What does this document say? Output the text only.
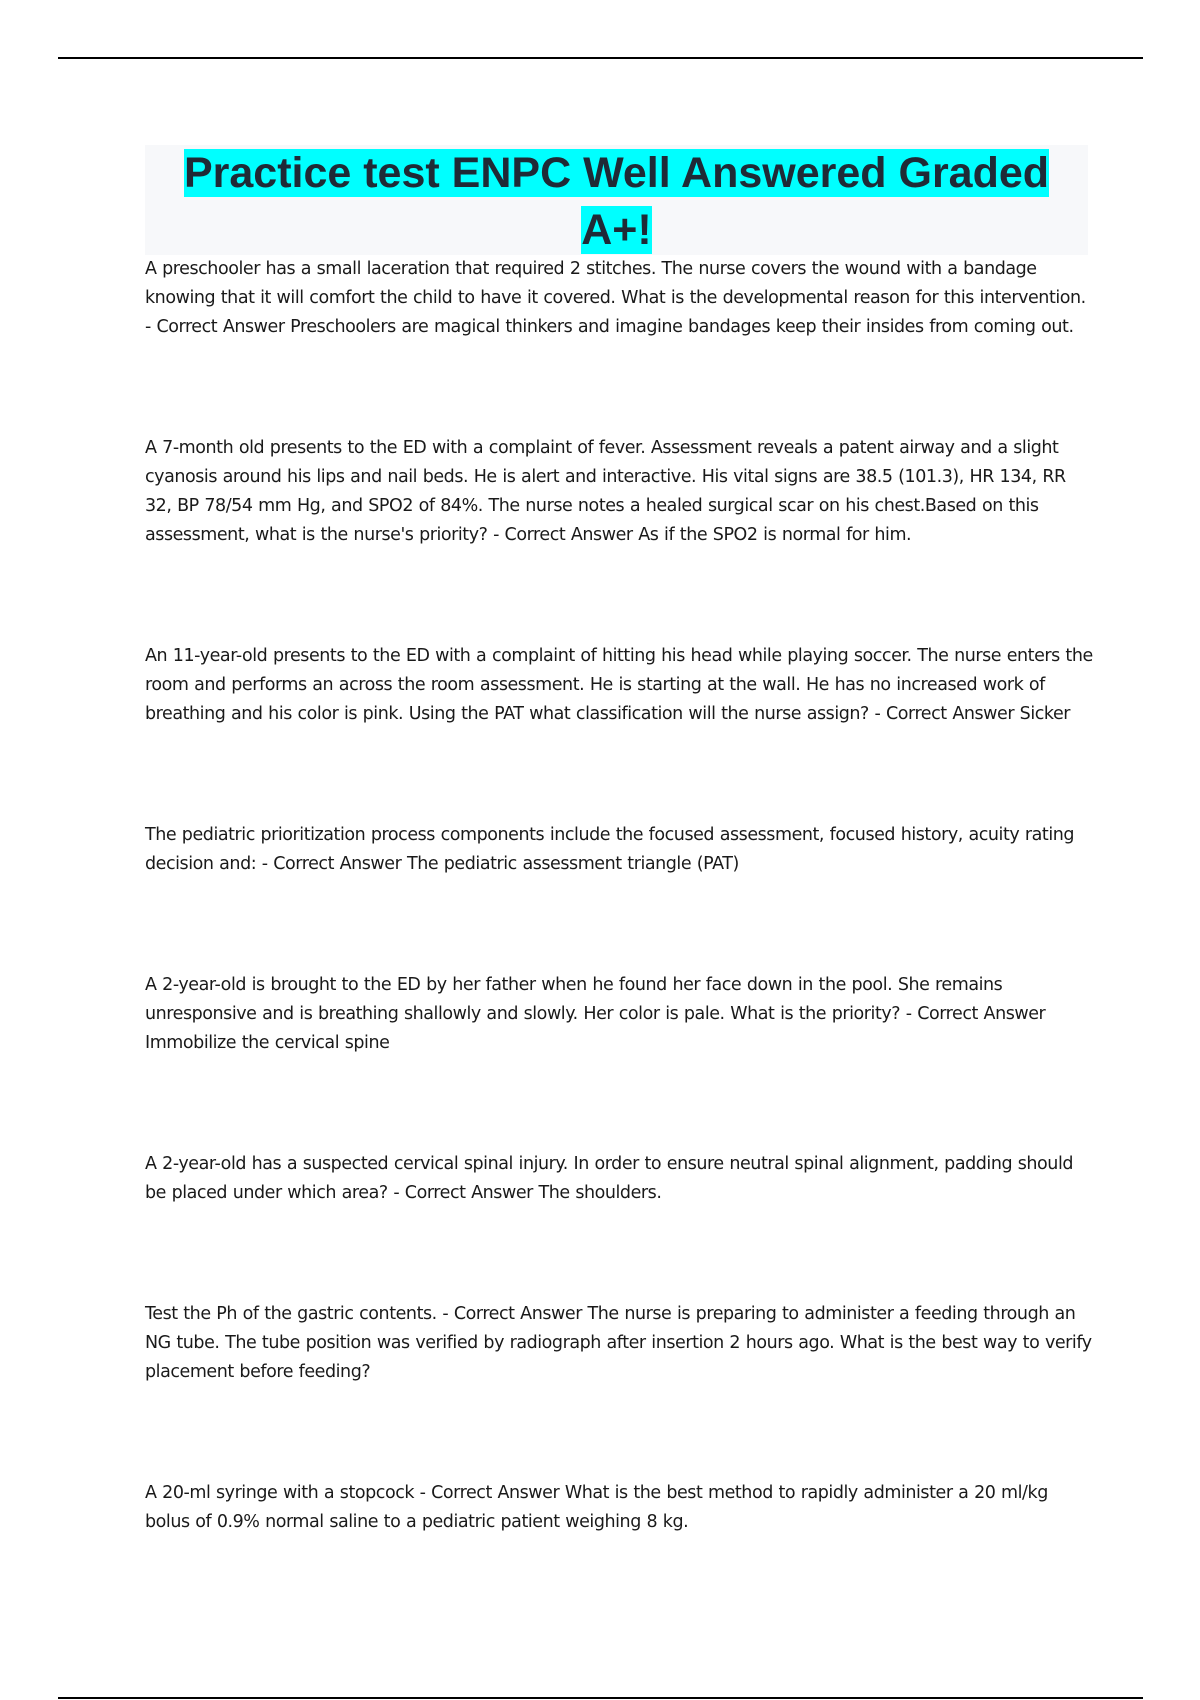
Practice test ENPC Well Answered Graded A+!

A preschooler has a small laceration that required 2 stitches. The nurse covers the wound with a bandage knowing that it will comfort the child to have it covered. What is the developmental reason for this intervention. - Correct Answer Preschoolers are magical thinkers and imagine bandages keep their insides from coming out.

A 7-month old presents to the ED with a complaint of fever. Assessment reveals a patent airway and a slight cyanosis around his lips and nail beds. He is alert and interactive. His vital signs are 38.5 (101.3), HR 134, RR 32, BP 78/54 mm Hg, and SPO2 of 84%. The nurse notes a healed surgical scar on his chest.Based on this assessment, what is the nurse's priority? - Correct Answer As if the SPO2 is normal for him.

An 11-year-old presents to the ED with a complaint of hitting his head while playing soccer. The nurse enters the room and performs an across the room assessment. He is starting at the wall. He has no increased work of breathing and his color is pink. Using the PAT what classification will the nurse assign? - Correct Answer Sicker

The pediatric prioritization process components include the focused assessment, focused history, acuity rating decision and: - Correct Answer The pediatric assessment triangle (PAT)

A 2-year-old is brought to the ED by her father when he found her face down in the pool. She remains unresponsive and is breathing shallowly and slowly. Her color is pale. What is the priority? - Correct Answer Immobilize the cervical spine

A 2-year-old has a suspected cervical spinal injury. In order to ensure neutral spinal alignment, padding should be placed under which area? - Correct Answer The shoulders.

Test the Ph of the gastric contents. - Correct Answer The nurse is preparing to administer a feeding through an NG tube. The tube position was verified by radiograph after insertion 2 hours ago. What is the best way to verify placement before feeding?

A 20-ml syringe with a stopcock - Correct Answer What is the best method to rapidly administer a 20 ml/kg bolus of 0.9% normal saline to a pediatric patient weighing 8 kg.
